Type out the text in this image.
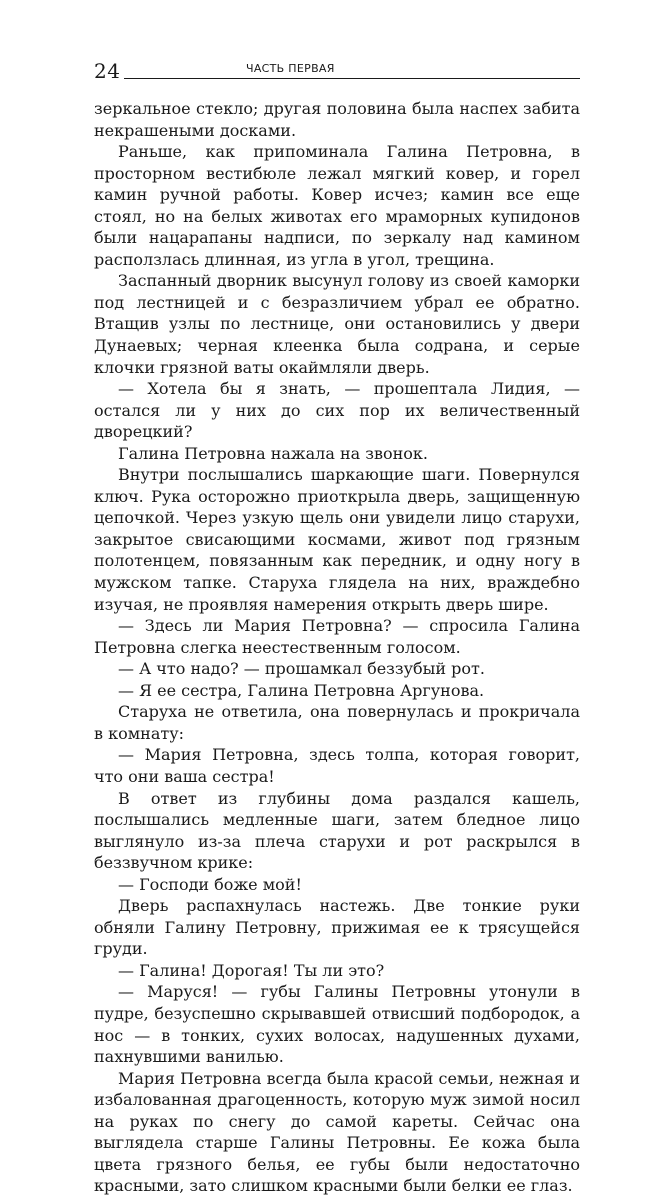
24	ЧАСТЬ ПЕРВАЯ

зеркальное стекло; другая половина была наспех забита некрашеными досками.

Раньше, как припоминала Галина Петровна, в просторном вестибюле лежал мягкий ковер, и горел камин ручной работы. Ковер исчез; камин все еще стоял, но на белых животах его мраморных купидонов были нацарапаны надписи, по зеркалу над камином расползлась длинная, из угла в угол, трещина.

Заспанный дворник высунул голову из своей каморки под лестницей и с безразличием убрал ее обратно. Втащив узлы по лестнице, они остановились у двери Дунаевых; черная клеенка была содрана, и серые клочки грязной ваты окаймляли дверь.

— Хотела бы я знать, — прошептала Лидия, — остался ли у них до сих пор их величественный дворецкий?

Галина Петровна нажала на звонок.

Внутри послышались шаркающие шаги. Повернулся ключ. Рука осторожно приоткрыла дверь, защищенную цепочкой. Через узкую щель они увидели лицо старухи, закрытое свисающими космами, живот под грязным полотенцем, повязанным как передник, и одну ногу в мужском тапке. Старуха глядела на них, враждебно изучая, не проявляя намерения открыть дверь шире.

— Здесь ли Мария Петровна? — спросила Галина Петровна слегка неестественным голосом.

— А что надо? — прошамкал беззубый рот.

— Я ее сестра, Галина Петровна Аргунова.

Старуха не ответила, она повернулась и прокричала в комнату:

— Мария Петровна, здесь толпа, которая говорит, что они ваша сестра!

В ответ из глубины дома раздался кашель, послышались медленные шаги, затем бледное лицо выглянуло из-за плеча старухи и рот раскрылся в беззвучном крике:

— Господи боже мой!

Дверь распахнулась настежь. Две тонкие руки обняли Галину Петровну, прижимая ее к трясущейся груди.

— Галина! Дорогая! Ты ли это?

— Маруся! — губы Галины Петровны утонули в пудре, безуспешно скрывавшей отвисший подбородок, а нос — в тонких, сухих волосах, надушенных духами, пахнувшими ванилью.

Мария Петровна всегда была красой семьи, нежная и избалованная драгоценность, которую муж зимой носил на руках по снегу до самой кареты. Сейчас она выглядела старше Галины Петровны. Ее кожа была цвета грязного белья, ее губы были недостаточно красными, зато слишком красными были белки ее глаз.
